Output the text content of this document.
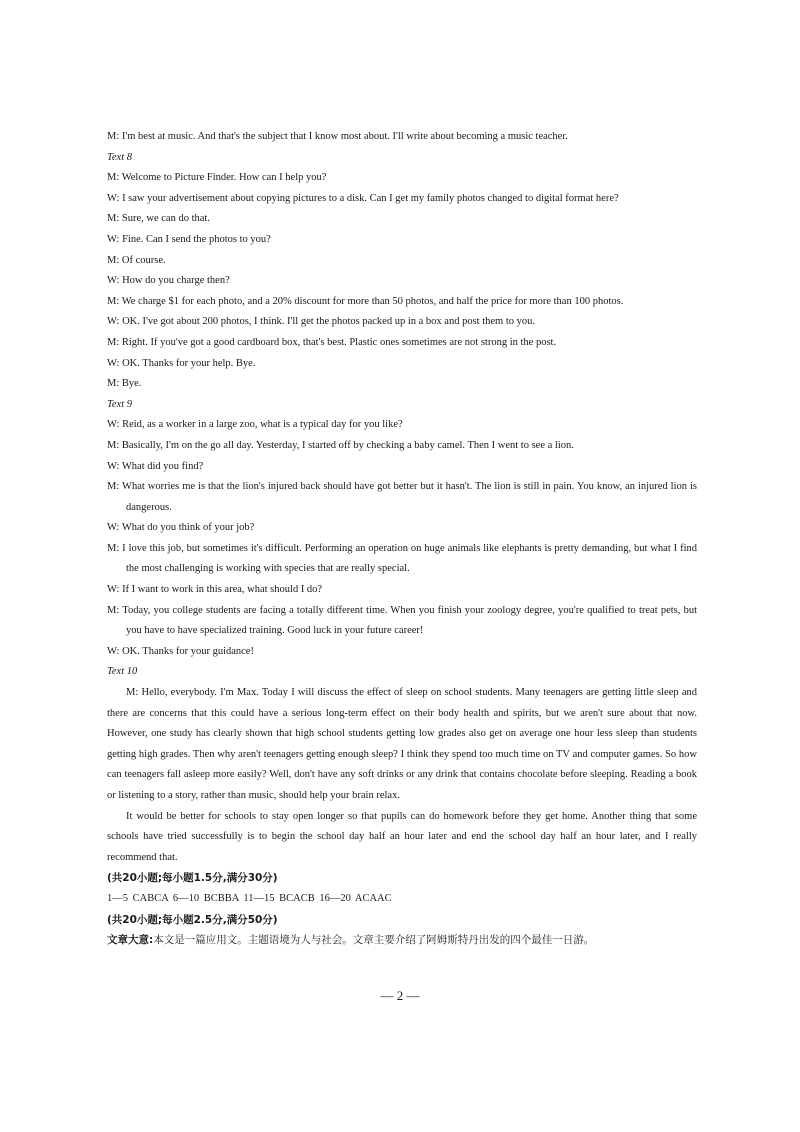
M: I'm best at music. And that's the subject that I know most about. I'll write about becoming a music teacher.

Text 8

M: Welcome to Picture Finder. How can I help you?

W: I saw your advertisement about copying pictures to a disk. Can I get my family photos changed to digital format here?

M: Sure, we can do that.

W: Fine. Can I send the photos to you?

M: Of course.

W: How do you charge then?

M: We charge $1 for each photo, and a 20% discount for more than 50 photos, and half the price for more than 100 photos.

W: OK. I've got about 200 photos, I think. I'll get the photos packed up in a box and post them to you.

M: Right. If you've got a good cardboard box, that's best. Plastic ones sometimes are not strong in the post.

W: OK. Thanks for your help. Bye.

M: Bye.

Text 9

W: Reid, as a worker in a large zoo, what is a typical day for you like?

M: Basically, I'm on the go all day. Yesterday, I started off by checking a baby camel. Then I went to see a lion.

W: What did you find?

M: What worries me is that the lion's injured back should have got better but it hasn't. The lion is still in pain. You know, an injured lion is dangerous.

W: What do you think of your job?

M: I love this job, but sometimes it's difficult. Performing an operation on huge animals like elephants is pretty demanding, but what I find the most challenging is working with species that are really special.

W: If I want to work in this area, what should I do?

M: Today, you college students are facing a totally different time. When you finish your zoology degree, you're qualified to treat pets, but you have to have specialized training. Good luck in your future career!

W: OK. Thanks for your guidance!

Text 10

M: Hello, everybody. I'm Max. Today I will discuss the effect of sleep on school students. Many teenagers are getting little sleep and there are concerns that this could have a serious long-term effect on their body health and spirits, but we aren't sure about that now. However, one study has clearly shown that high school students getting low grades also get on average one hour less sleep than students getting high grades. Then why aren't teenagers getting enough sleep? I think they spend too much time on TV and computer games. So how can teenagers fall asleep more easily? Well, don't have any soft drinks or any drink that contains chocolate before sleeping. Reading a book or listening to a story, rather than music, should help your brain relax.

It would be better for schools to stay open longer so that pupils can do homework before they get home. Another thing that some schools have tried successfully is to begin the school day half an hour later and end the school day half an hour later, and I really recommend that.

(共20小题;每小题1.5分,满分30分)

1—5 CABCA 6—10 BCBBA 11—15 BCACB 16—20 ACAAC

(共20小题;每小题2.5分,满分50分)

文章大意:本文是一篇应用文。主题语境为人与社会。文章主要介绍了阿姆斯特丹出发的四个最佳一日游。

— 2 —
